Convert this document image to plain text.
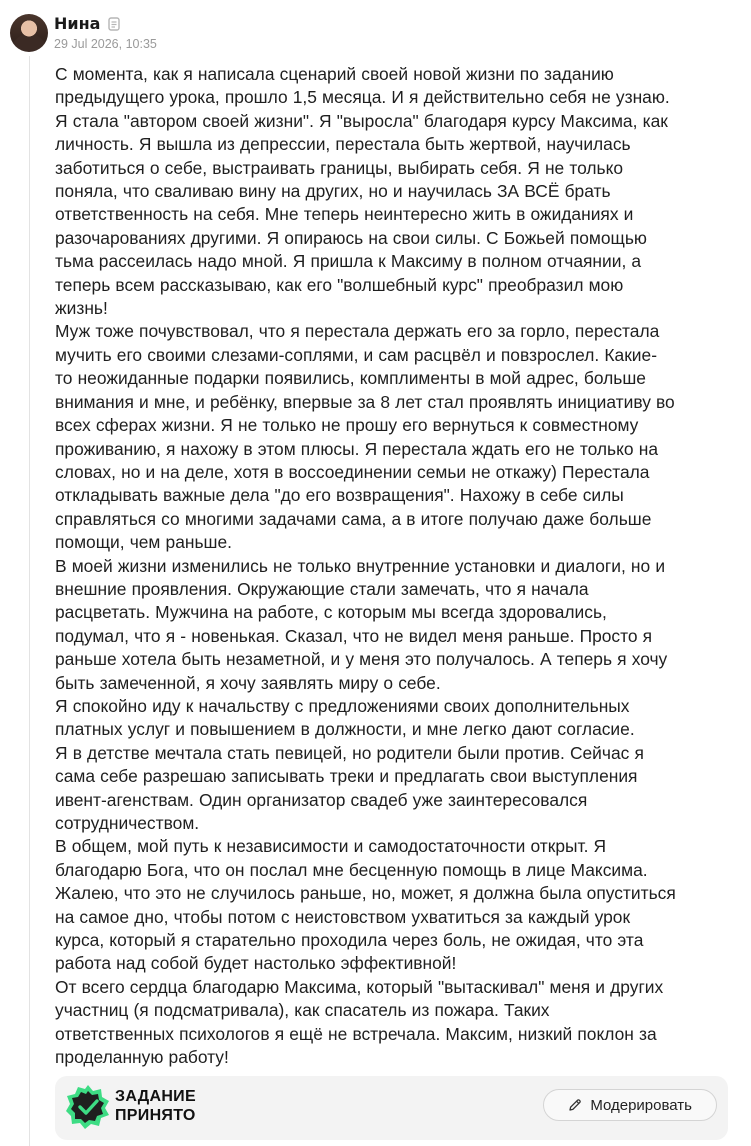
Нина
29 Jul 2026, 10:35
С момента, как я написала сценарий своей новой жизни по заданию
предыдущего урока, прошло 1,5 месяца. И я действительно себя не узнаю.
Я стала "автором своей жизни". Я "выросла" благодаря курсу Максима, как
личность. Я вышла из депрессии, перестала быть жертвой, научилась
заботиться о себе, выстраивать границы, выбирать себя. Я не только
поняла, что сваливаю вину на других, но и научилась ЗА ВСЁ брать
ответственность на себя. Мне теперь неинтересно жить в ожиданиях и
разочарованиях другими. Я опираюсь на свои силы. С Божьей помощью
тьма рассеилась надо мной. Я пришла к Максиму в полном отчаянии, а
теперь всем рассказываю, как его "волшебный курс" преобразил мою
жизнь!
Муж тоже почувствовал, что я перестала держать его за горло, перестала
мучить его своими слезами-соплями, и сам расцвёл и повзрослел. Какие-
то неожиданные подарки появились, комплименты в мой адрес, больше
внимания и мне, и ребёнку, впервые за 8 лет стал проявлять инициативу во
всех сферах жизни. Я не только не прошу его вернуться к совместному
проживанию, я нахожу в этом плюсы. Я перестала ждать его не только на
словах, но и на деле, хотя в воссоединении семьи не откажу) Перестала
откладывать важные дела "до его возвращения". Нахожу в себе силы
справляться со многими задачами сама, а в итоге получаю даже больше
помощи, чем раньше.
В моей жизни изменились не только внутренние установки и диалоги, но и
внешние проявления. Окружающие стали замечать, что я начала
расцветать. Мужчина на работе, с которым мы всегда здоровались,
подумал, что я - новенькая. Сказал, что не видел меня раньше. Просто я
раньше хотела быть незаметной, и у меня это получалось. А теперь я хочу
быть замеченной, я хочу заявлять миру о себе.
Я спокойно иду к начальству с предложениями своих дополнительных
платных услуг и повышением в должности, и мне легко дают согласие.
Я в детстве мечтала стать певицей, но родители были против. Сейчас я
сама себе разрешаю записывать треки и предлагать свои выступления
ивент-агенствам. Один организатор свадеб уже заинтересовался
сотрудничеством.
В общем, мой путь к независимости и самодостаточности открыт. Я
благодарю Бога, что он послал мне бесценную помощь в лице Максима.
Жалею, что это не случилось раньше, но, может, я должна была опуститься
на самое дно, чтобы потом с неистовством ухватиться за каждый урок
курса, который я старательно проходила через боль, не ожидая, что эта
работа над собой будет настолько эффективной!
От всего сердца благодарю Максима, который "вытаскивал" меня и других
участниц (я подсматривала), как спасатель из пожара. Таких
ответственных психологов я ещё не встречала. Максим, низкий поклон за
проделанную работу!
ЗАДАНИЕ
ПРИНЯТО
Модерировать
